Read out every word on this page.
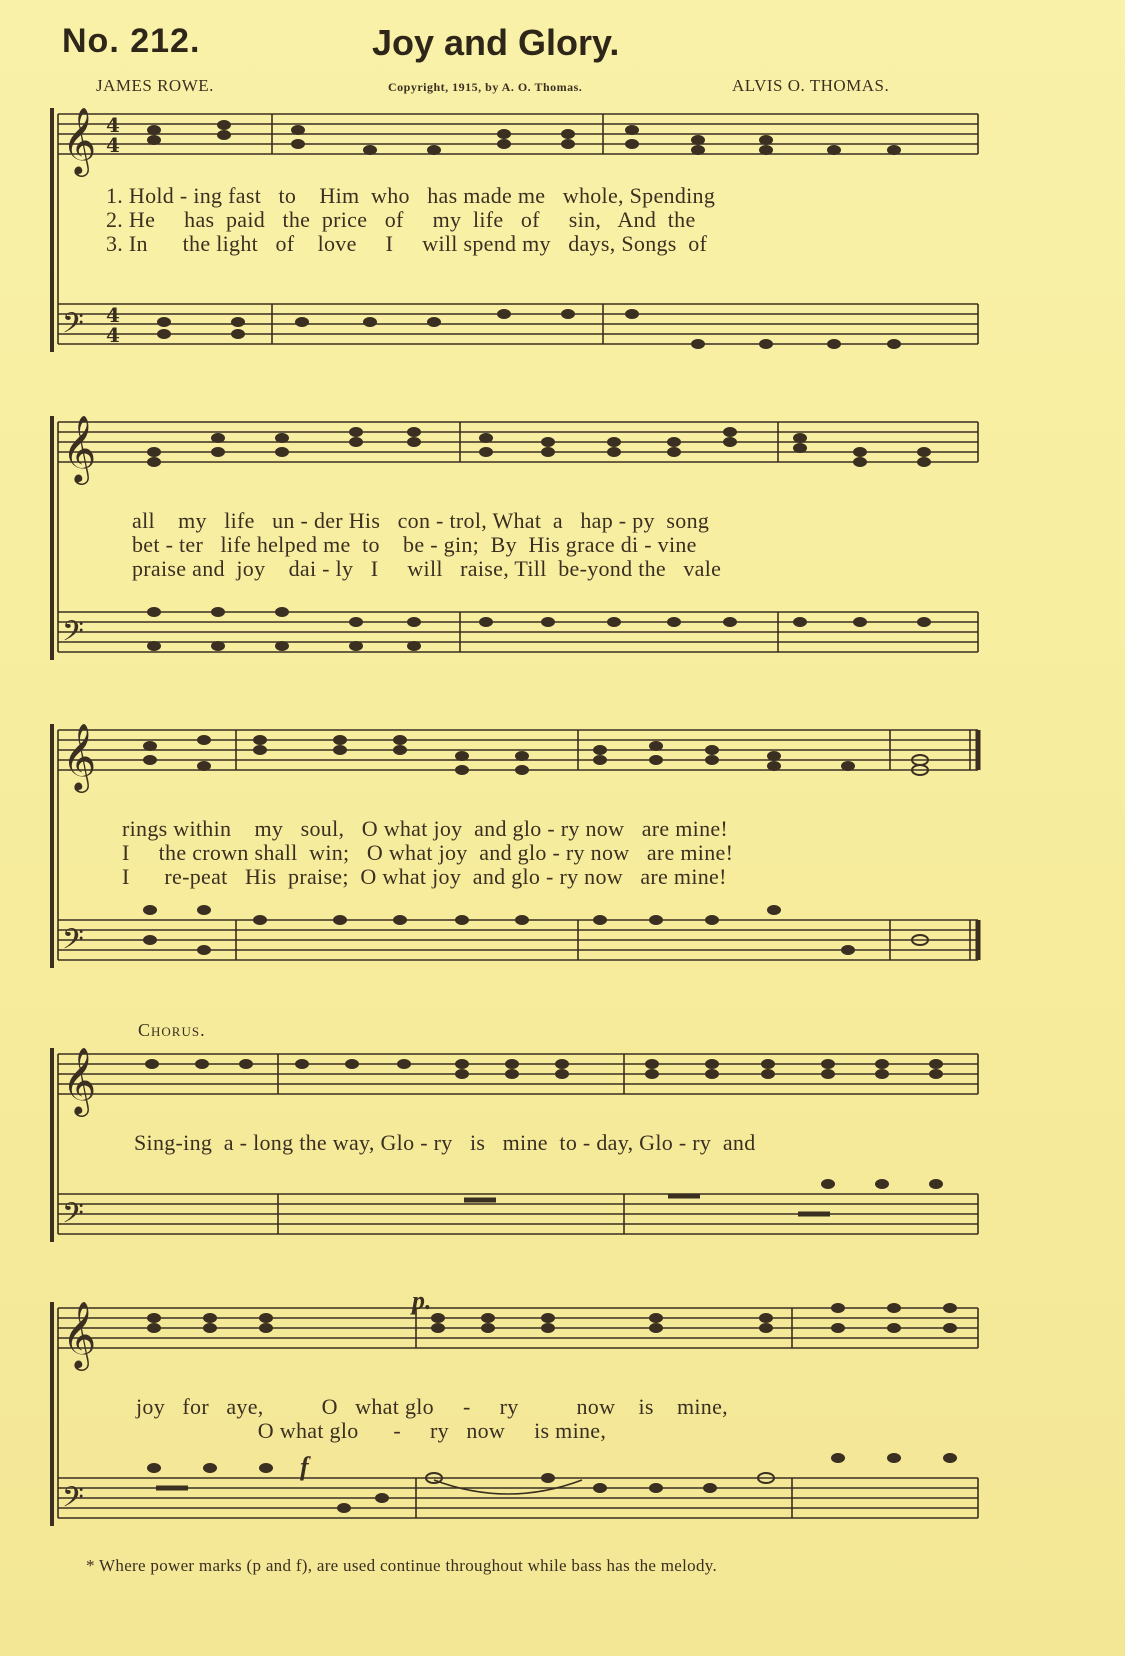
No. 212.	Joy and Glory.
JAMES ROWE.	Copyright, 1915, by A. O. Thomas.	ALVIS O. THOMAS.
𝄞
𝄢
4
4
4
4
1. Hold - ing fast   to    Him  who   has made me   whole, Spending
2. He     has  paid   the  price   of     my  life   of     sin,   And  the
3. In      the light   of    love     I     will spend my   days, Songs  of
𝄞
𝄢
all    my   life   un - der His   con - trol, What  a   hap - py  song
bet - ter   life helped me  to    be - gin;  By  His grace di - vine
praise and  joy    dai - ly   I     will   raise, Till  be-yond the   vale
𝄞
𝄢
rings within    my   soul,   O what joy  and glo - ry now   are mine!
I     the crown shall  win;   O what joy  and glo - ry now   are mine!
I      re-peat   His  praise;  O what joy  and glo - ry now   are mine!
Chorus.
𝄞
𝄢
Sing-ing  a - long the way, Glo - ry   is   mine  to - day, Glo - ry  and
p.
f
𝄞
𝄢
joy   for   aye,          O   what glo     -     ry          now    is    mine,
O what glo      -     ry   now     is mine,
* Where power marks (p and f), are used continue throughout while bass has the melody.
